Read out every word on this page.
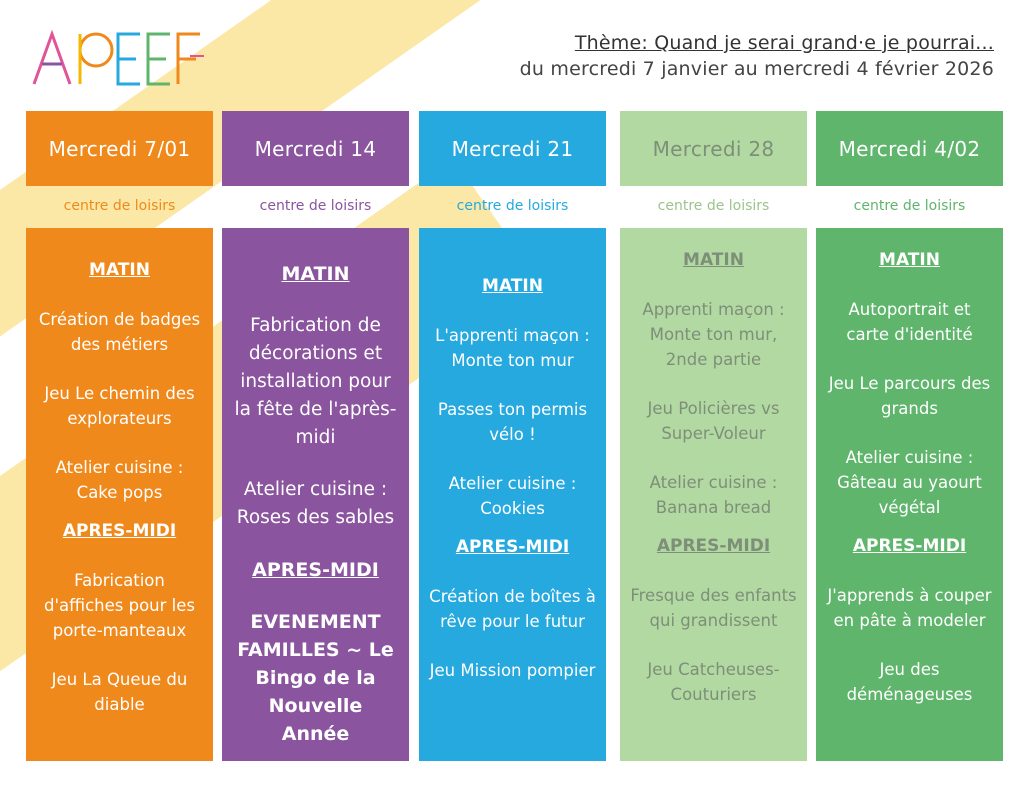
Thème: Quand je serai grand·e je pourrai...
du mercredi 7 janvier au mercredi 4 février 2026
Mercredi 7/01
centre de loisirs
MATIN
Création de badges des métiers
Jeu Le chemin des explorateurs
Atelier cuisine : Cake pops
APRES-MIDI
Fabrication d'affiches pour les porte-manteaux
Jeu La Queue du diable
Mercredi 14
centre de loisirs
MATIN
Fabrication de décorations et installation pour la fête de l'après-midi
Atelier cuisine : Roses des sables
APRES-MIDI
EVENEMENT FAMILLES ~ Le Bingo de la Nouvelle Année
Mercredi 21
centre de loisirs
MATIN
L'apprenti maçon : Monte ton mur
Passes ton permis vélo !
Atelier cuisine : Cookies
APRES-MIDI
Création de boîtes à rêve pour le futur
Jeu Mission pompier
Mercredi 28
centre de loisirs
MATIN
Apprenti maçon : Monte ton mur, 2nde partie
Jeu Policières vs Super-Voleur
Atelier cuisine : Banana bread
APRES-MIDI
Fresque des enfants qui grandissent
Jeu Catcheuses-Couturiers
Mercredi 4/02
centre de loisirs
MATIN
Autoportrait et carte d'identité
Jeu Le parcours des grands
Atelier cuisine : Gâteau au yaourt végétal
APRES-MIDI
J'apprends à couper en pâte à modeler
Jeu des déménageuses
